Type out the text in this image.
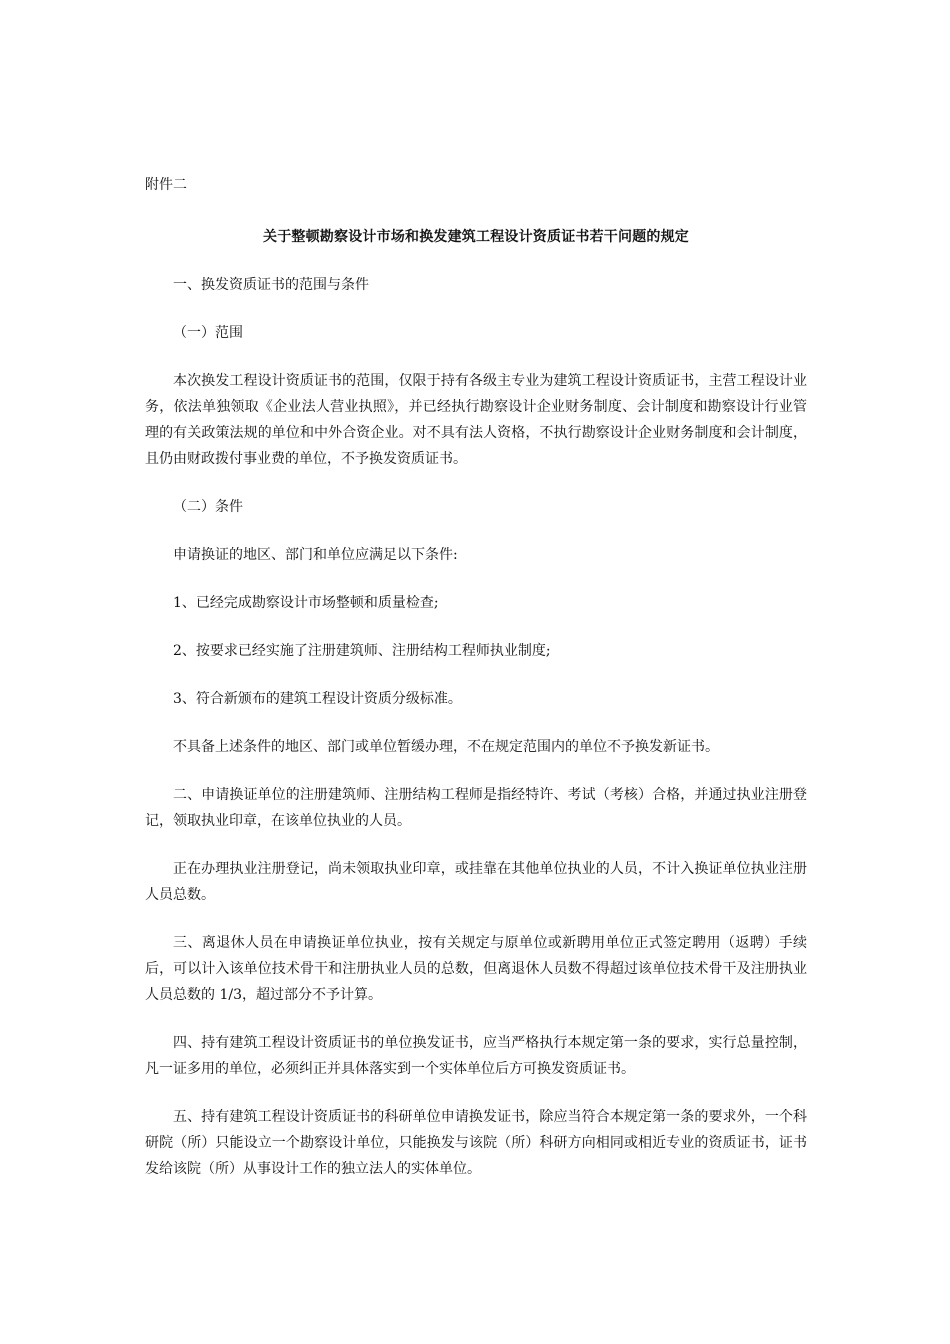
附件二

关于整顿勘察设计市场和换发建筑工程设计资质证书若干问题的规定

一、换发资质证书的范围与条件

（一）范围

本次换发工程设计资质证书的范围，仅限于持有各级主专业为建筑工程设计资质证书，主营工程设计业务，依法单独领取《企业法人营业执照》，并已经执行勘察设计企业财务制度、会计制度和勘察设计行业管理的有关政策法规的单位和中外合资企业。对不具有法人资格，不执行勘察设计企业财务制度和会计制度，且仍由财政拨付事业费的单位，不予换发资质证书。

（二）条件

申请换证的地区、部门和单位应满足以下条件:

1、已经完成勘察设计市场整顿和质量检查;

2、按要求已经实施了注册建筑师、注册结构工程师执业制度;

3、符合新颁布的建筑工程设计资质分级标准。

不具备上述条件的地区、部门或单位暂缓办理，不在规定范围内的单位不予换发新证书。

二、申请换证单位的注册建筑师、注册结构工程师是指经特许、考试（考核）合格，并通过执业注册登记，领取执业印章，在该单位执业的人员。

正在办理执业注册登记，尚未领取执业印章，或挂靠在其他单位执业的人员，不计入换证单位执业注册人员总数。

三、离退休人员在申请换证单位执业，按有关规定与原单位或新聘用单位正式签定聘用（返聘）手续后，可以计入该单位技术骨干和注册执业人员的总数，但离退休人员数不得超过该单位技术骨干及注册执业人员总数的 1/3，超过部分不予计算。

四、持有建筑工程设计资质证书的单位换发证书，应当严格执行本规定第一条的要求，实行总量控制，凡一证多用的单位，必须纠正并具体落实到一个实体单位后方可换发资质证书。

五、持有建筑工程设计资质证书的科研单位申请换发证书，除应当符合本规定第一条的要求外，一个科研院（所）只能设立一个勘察设计单位，只能换发与该院（所）科研方向相同或相近专业的资质证书，证书发给该院（所）从事设计工作的独立法人的实体单位。
